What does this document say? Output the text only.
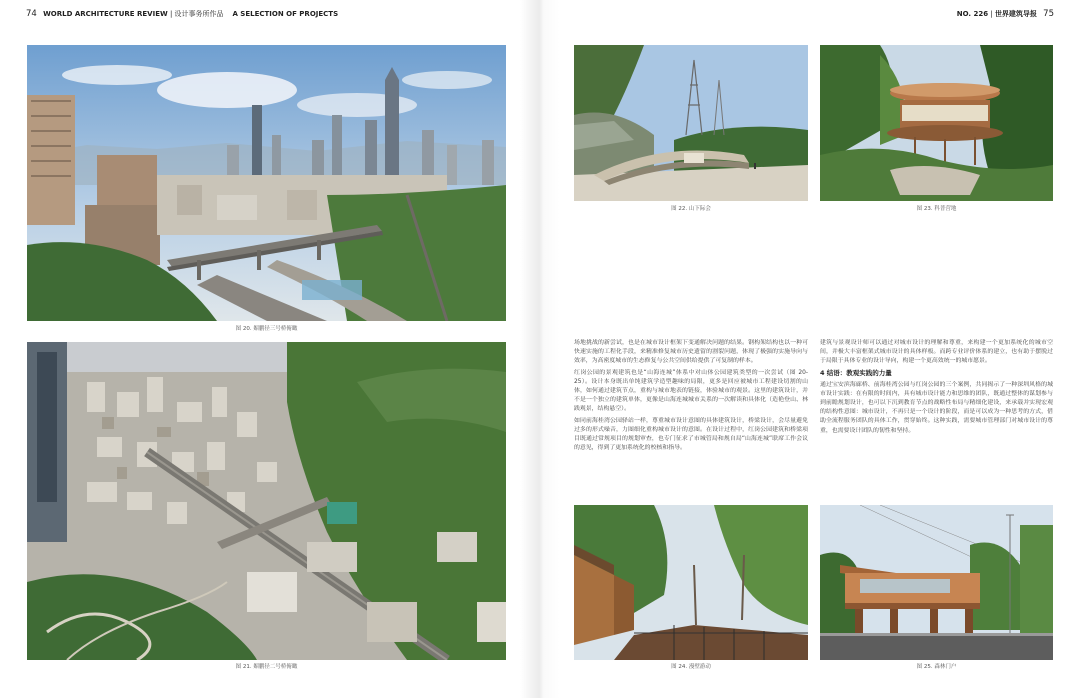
74 WORLD ARCHITECTURE REVIEW | 设计事务所作品 A SELECTION OF PROJECTS	NO. 226 | 世界建筑导报 75
图 20. 媚鹏径三号桥俯瞰
图 21. 媚鹏径二号桥俯瞰
图 22. 山下际会	图 23. 科普营地

场地挑战的新尝试，也是在城市设计框架下变通解决问题的结果。钢构架结构也以一种可快速实施的工程化手段，来精准修复城市历史遗留的割裂问题，体现了极强的实施导向与效率，为高密度城市的生态修复与公共空间供给提供了可复制的样本。

红岗公园的景观建筑也是“山海连城”体系中对山体公园建筑类型的一次尝试（图 20-25）。设计本身既出单纯建筑学造型趣味的局限，更多是回应被城市工程建设切割的山体，如何通过建筑节点，重构与城市地表的链接，体验城市的观景。这里的建筑设计，并不是一个独立的建筑单体，更像是山海连城城市关系的一次解读和具体化（造艳登山、林践观景，结构悬空）。

如同前海桂湾公园驿站一样，尊重城市设计意图的具体建筑设计，桥梁设计，会尽量避免过多的形式噪音，力图细化重构城市设计的意图。在设计过程中，红岗公园建筑和桥梁项目既通过常规项目的规划审查，也专门征求了市城管局和规自局“山海连城”联席工作会议的意见，得到了更加系统化的校核和指导。

建筑与景观设计师可以通过对城市设计的理解和尊重，来构建一个更加系统化的城市空间，并极大丰富框架式城市设计的具体样板。而跨专业评价体系的建立，也有助于摆脱过于局限于具体专业的设计导向，构建一个更高效统一的城市愿景。

4 结语：教观实践的力量

通过宝安滨海廊桥、前海桂湾公园与红岗公园的三个案例，共同揭示了一种深圳风格的城市设计实践：在有限的时间内，具有城市设计能力和思维的团队，既通过整体的谋划参与到前瞻规划设计，也可以下沉到教育节点的战略性布局与精细化建设，来承载并实现宏观的结构性意图：城市设计，不再只是一个设计的阶段，而是可以成为一种思考的方式，借助全流程服务团队的具体工作，贯穿始终。这种实践，需要城市管理部门对城市设计的尊重，也需要设计团队的韧性和坚持。

图 24. 漫壁游动	图 25. 森林门户
